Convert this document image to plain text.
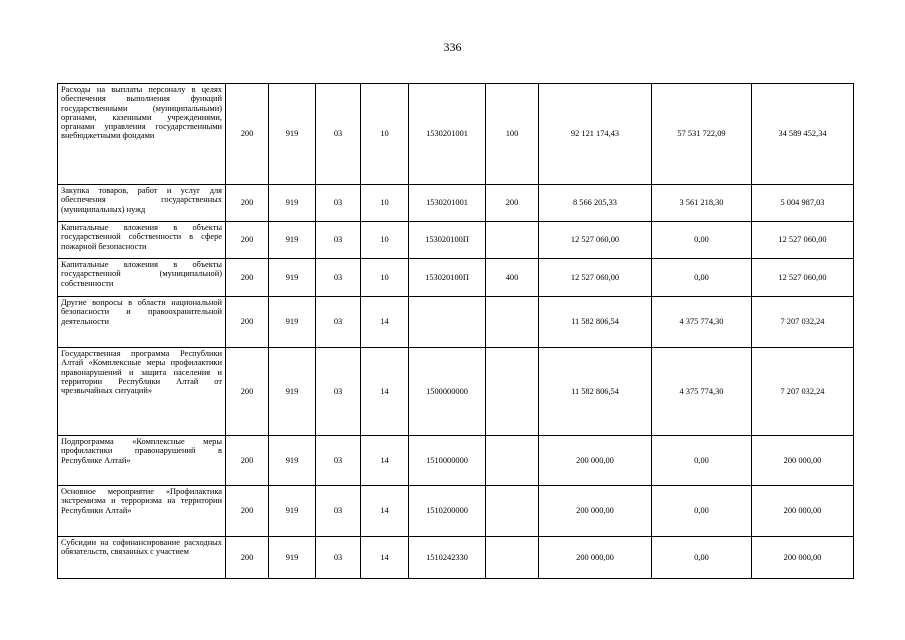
336
Расходы на выплаты персоналу в целях обеспечения выполнения функций государственными (муниципальными) органами, казенными учреждениями, органами управления государственными внебюджетными фондами	200	919	03	10	1530201001	100	92 121 174,43	57 531 722,09	34 589 452,34
Закупка товаров, работ и услуг для обеспечения государственных (муниципальных) нужд	200	919	03	10	1530201001	200	8 566 205,33	3 561 218,30	5 004 987,03
Капитальные вложения в объекты государственной собственности в сфере пожарной безопасности	200	919	03	10	153020100П		12 527 060,00	0,00	12 527 060,00
Капитальные вложения в объекты государственной (муниципальной) собственности	200	919	03	10	153020100П	400	12 527 060,00	0,00	12 527 060,00
Другие вопросы в области национальной безопасности и правоохранительной деятельности	200	919	03	14			11 582 806,54	4 375 774,30	7 207 032,24
Государственная программа Республики Алтай «Комплексные меры профилактики правонарушений и защита населения и территории Республики Алтай от чрезвычайных ситуаций»	200	919	03	14	1500000000		11 582 806,54	4 375 774,30	7 207 032,24
Подпрограмма «Комплексные меры профилактики правонарушений в Республике Алтай»	200	919	03	14	1510000000		200 000,00	0,00	200 000,00
Основное мероприятие «Профилактика экстремизма и терроризма на территории Республики Алтай»	200	919	03	14	1510200000		200 000,00	0,00	200 000,00
Субсидии на софинансирование расходных обязательств, связанных с участием	200	919	03	14	1510242330		200 000,00	0,00	200 000,00
